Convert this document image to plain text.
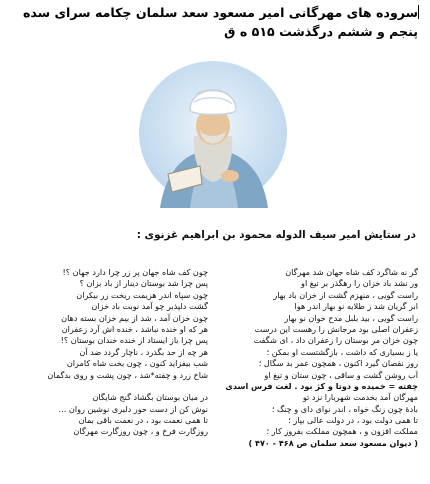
سروده های مهرگانی امیر مسعود سعد سلمان چکامه سرای سده پنجم و ششم درگذشت ۵۱۵ ه ق
در ستایش امیر سیف الدوله محمود بن ابراهیم غزنوی :
گر نه شاگرد کف شاه جهان شد مهرگان
ور نشد باد خزان را رهگذر بر تیغ او
راست گویی ، منهزم گشت از خزان باد بهار
ابر گریان شد ز طلایه نو بهار اندر هوا
راست گویی ، بید بلبل مدح خوان نو بهار
زعفران اصلی بود مرجانش را رهست این درست
چون خزان مر بوستان را زعفران داد ، ای شگفت
یا ز بسیاری که داشت ، بازگشتست او بمکن ؛
روز نقصان گیرد اکنون ، همچون عمر بد سگال ؛
آب روشن گشت و ساقی ، چون ستان و تیغ او
چفته = خمیده و دوتا و کژ بود . لغت فرس اسدی
مهرگان آمد بخدمت شهریارا نزد تو
بادهٔ چون زنگ خواه ، اندر نوای دای و چنگ ؛
تا همی دولت بود ، در دولت عالی بپاز ؛
مملکت افزون و ، همچون مملکت بفروز کار ؛
( دیوان مسعود سعد سلمان ص ۴۶۸ - ۴۷۰ )
چون کف شاه جهان پر زر چرا دارد جهان ؟!
پس چرا شد بوستان دینار از باد بزان ؟
چون سپاه اندر هزیمت ریخت زر بیکران
گشت دلپذیر چو آمد نوبت باد خزان
چون خزان آمد ، شد از بیم خزان بسته دهان
هر که او خنده نباشد ، خنده اش آرد زعفران
پس چرا باز ایستاد از خنده خندان بوستان ؟!
هر چه از حد بگذرد ، ناچار گردد ضد آن
شب بیفزاید کنون ، چون بخت شاه کامران
شاخ زرد و چفته*شد ، چون پشت و روی بدگمان
در میان بوستان بگشاد گنج شایگان
نوش کن از دست حور دلبری نوشین روان ...
تا همی نعمت بود ، در نعمت باقی بمان
روزگارت فرخ و ، چون روزگارت مهرگان
